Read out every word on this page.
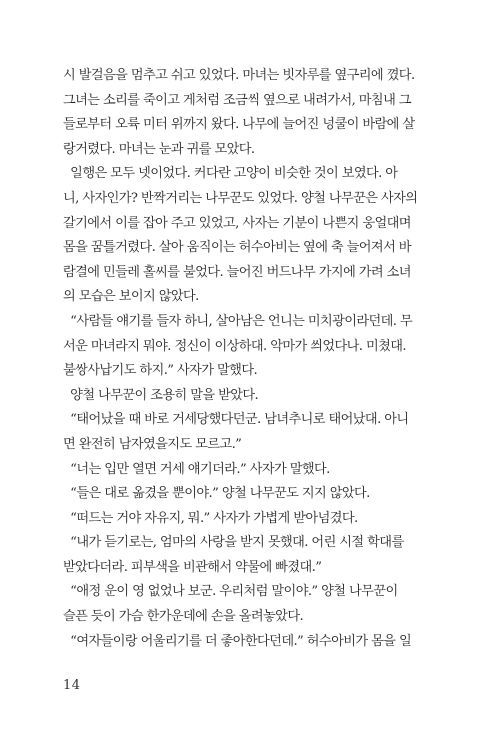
시 발걸음을 멈추고 쉬고 있었다. 마녀는 빗자루를 옆구리에 꼈다.

그녀는 소리를 죽이고 게처럼 조금씩 옆으로 내려가서, 마침내 그

들로부터 오륙 미터 위까지 왔다. 나무에 늘어진 넝쿨이 바람에 살

랑거렸다. 마녀는 눈과 귀를 모았다.

일행은 모두 넷이었다. 커다란 고양이 비슷한 것이 보였다. 아

니, 사자인가? 반짝거리는 나무꾼도 있었다. 양철 나무꾼은 사자의

갈기에서 이를 잡아 주고 있었고, 사자는 기분이 나쁜지 웅얼대며

몸을 꿈틀거렸다. 살아 움직이는 허수아비는 옆에 축 늘어져서 바

람결에 민들레 홀씨를 불었다. 늘어진 버드나무 가지에 가려 소녀

의 모습은 보이지 않았다.

“사람들 얘기를 들자 하니, 살아남은 언니는 미치광이라던데. 무

서운 마녀라지 뭐야. 정신이 이상하대. 악마가 씌었다나. 미쳤대.

불쌍사납기도 하지.” 사자가 말했다.

양철 나무꾼이 조용히 말을 받았다.

“태어났을 때 바로 거세당했다던군. 남녀추니로 태어났대. 아니

면 완전히 남자였을지도 모르고.”

“너는 입만 열면 거세 얘기더라.” 사자가 말했다.

“들은 대로 옮겼을 뿐이야.” 양철 나무꾼도 지지 않았다.

“떠드는 거야 자유지, 뭐.” 사자가 가볍게 받아넘겼다.

“내가 듣기로는, 엄마의 사랑을 받지 못했대. 어린 시절 학대를

받았다더라. 피부색을 비관해서 약물에 빠졌대.”

“애정 운이 영 없었나 보군. 우리처럼 말이야.” 양철 나무꾼이

슬픈 듯이 가슴 한가운데에 손을 올려놓았다.

“여자들이랑 어울리기를 더 좋아한다던데.” 허수아비가 몸을 일

14
